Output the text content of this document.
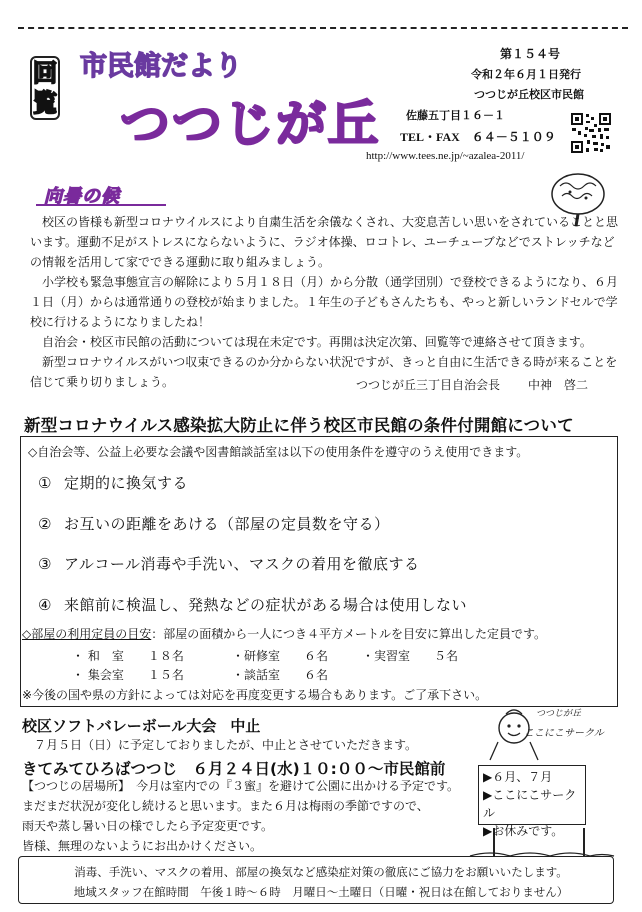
回
覧
市民館だより
つつじが丘
第１５４号
令和２年６月１日発行
つつじが丘校区市民館
佐藤五丁目１６－１
TEL・FAX　６４－５１０９
http://www.tees.ne.jp/~azalea-2011/
向暑の候

校区の皆様も新型コロナウイルスにより自粛生活を余儀なくされ、大変息苦しい思いをされていることと思います。運動不足がストレスにならないように、ラジオ体操、ロコトレ、ユーチューブなどでストレッチなどの情報を活用して家でできる運動に取り組みましょう。

小学校も緊急事態宣言の解除により５月１８日（月）から分散（通学団別）で登校できるようになり、６月１日（月）からは通常通りの登校が始まりました。１年生の子どもさんたちも、やっと新しいランドセルで学校に行けるようになりましたね！

自治会・校区市民館の活動については現在未定です。再開は決定次第、回覧等で連絡させて頂きます。

新型コロナウイルスがいつ収束できるのか分からない状況ですが、きっと自由に生活できる時が来ることを信じて乗り切りましょう。	つつじが丘三丁目自治会長 中神　啓二
新型コロナウイルス感染拡大防止に伴う校区市民館の条件付開館について
◇自治会等、公益上必要な会議や図書館談話室は以下の使用条件を遵守のうえ使用できます。
① 定期的に換気する
② お互いの距離をあける（部屋の定員数を守る）
③ アルコール消毒や手洗い、マスクの着用を徹底する
④ 来館前に検温し、発熱などの症状がある場合は使用しない
◇部屋の利用定員の目安：部屋の面積から一人につき４平方メートルを目安に算出した定員です。
・ 和　室　　 １８名	・研修室　　 ６名	・実習室　　 ５名
・ 集会室　　 １５名	・談話室　　 ６名
※今後の国や県の方針によっては対応を再度変更する場合もあります。ご了承下さい。
校区ソフトバレーボール大会 中止
７月５日（日）に予定しておりましたが、中止とさせていただきます。
きてみてひろばつつじ　６月２４日(水)１０:００～市民館前
【つつじの居場所】　今月は室内での『３蜜』を避けて公園に出かける予定です。まだまだ状況が変化し続けると思います。また６月は梅雨の季節ですので、
雨天や蒸し暑い日の様でしたら予定変更です。
皆様、無理のないようにお出かけください。
つつじが丘
ここにこサークル
▶６月、７月
▶ここにこサークル
▶お休みです。
消毒、手洗い、マスクの着用、部屋の換気など感染症対策の徹底にご協力をお願いいたします。
地域スタッフ在館時間　午後１時～６時　月曜日～土曜日（日曜・祝日は在館しておりません）
